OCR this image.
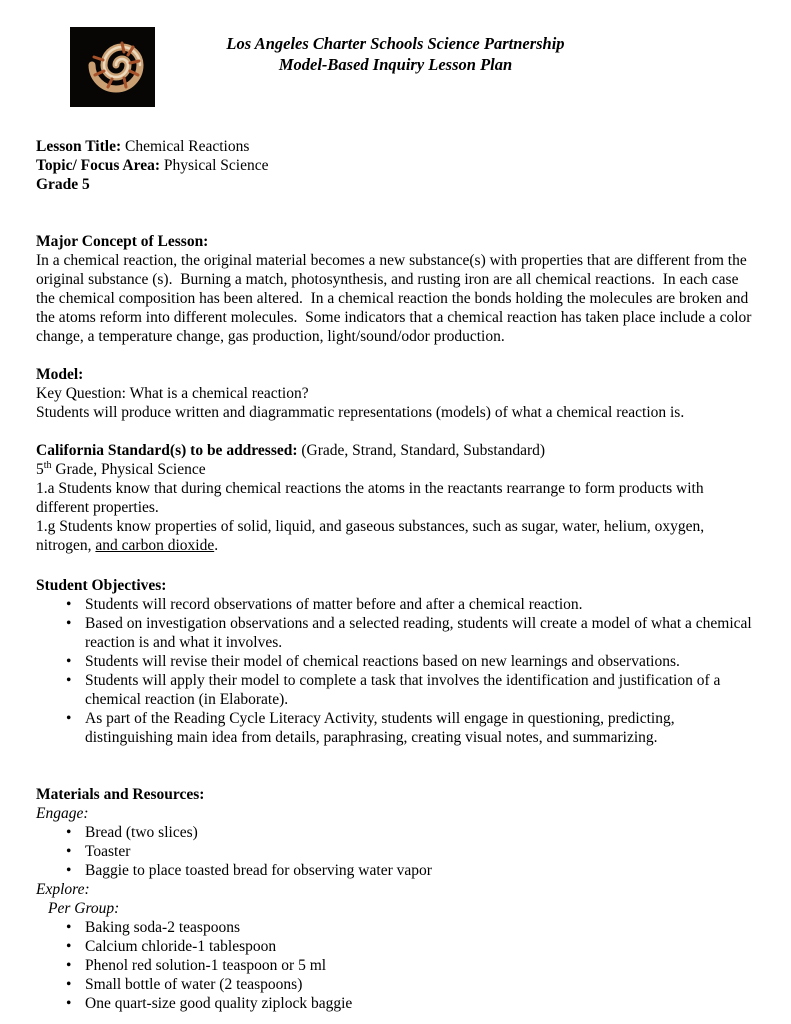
Los Angeles Charter Schools Science Partnership
Model-Based Inquiry Lesson Plan
Lesson Title: Chemical Reactions
Topic/ Focus Area: Physical Science
Grade 5
Major Concept of Lesson:
In a chemical reaction, the original material becomes a new substance(s) with properties that are different from the original substance (s).  Burning a match, photosynthesis, and rusting iron are all chemical reactions.  In each case the chemical composition has been altered.  In a chemical reaction the bonds holding the molecules are broken and the atoms reform into different molecules.  Some indicators that a chemical reaction has taken place include a color change, a temperature change, gas production, light/sound/odor production.
Model:
Key Question: What is a chemical reaction?
Students will produce written and diagrammatic representations (models) of what a chemical reaction is.
California Standard(s) to be addressed: (Grade, Strand, Standard, Substandard)
5th Grade, Physical Science
1.a Students know that during chemical reactions the atoms in the reactants rearrange to form products with different properties.
1.g Students know properties of solid, liquid, and gaseous substances, such as sugar, water, helium, oxygen, nitrogen, and carbon dioxide.
Student Objectives:
• Students will record observations of matter before and after a chemical reaction.
• Based on investigation observations and a selected reading, students will create a model of what a chemical reaction is and what it involves.
• Students will revise their model of chemical reactions based on new learnings and observations.
• Students will apply their model to complete a task that involves the identification and justification of a chemical reaction (in Elaborate).
• As part of the Reading Cycle Literacy Activity, students will engage in questioning, predicting, distinguishing main idea from details, paraphrasing, creating visual notes, and summarizing.
Materials and Resources:
Engage:
• Bread (two slices)
• Toaster
• Baggie to place toasted bread for observing water vapor
Explore:
Per Group:
• Baking soda-2 teaspoons
• Calcium chloride-1 tablespoon
• Phenol red solution-1 teaspoon or 5 ml
• Small bottle of water (2 teaspoons)
• One quart-size good quality ziplock baggie
